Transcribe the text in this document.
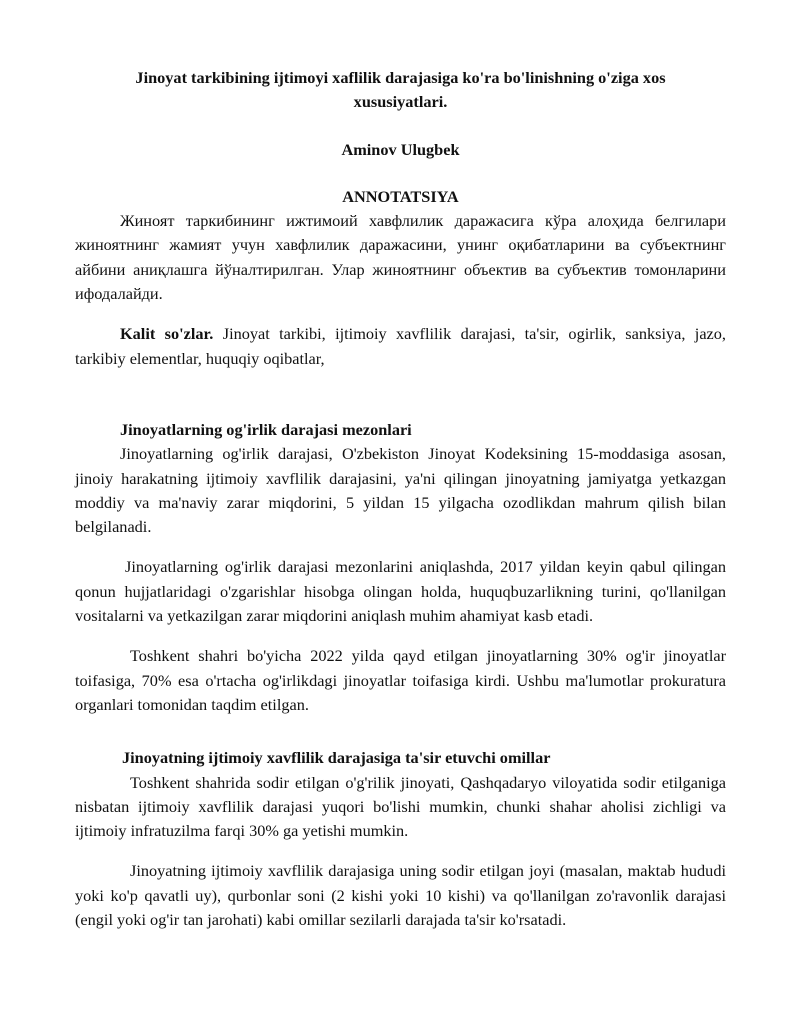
Jinoyat tarkibining ijtimoyi xaflilik darajasiga ko'ra bo'linishning o'ziga xos xususiyatlari.
Aminov Ulugbek
ANNOTATSIYA

Жиноят таркибининг ижтимоий хавфлилик даражасига кўра алоҳида белгилари жиноятнинг жамият учун хавфлилик даражасини, унинг оқибатларини ва субъектнинг айбини аниқлашга йўналтирилган. Улар жиноятнинг объектив ва субъектив томонларини ифодалайди.

Kalit so'zlar. Jinoyat tarkibi, ijtimoiy xavflilik darajasi, ta'sir, ogirlik, sanksiya, jazo, tarkibiy elementlar, huquqiy oqibatlar,

Jinoyatlarning og'irlik darajasi mezonlari

Jinoyatlarning og'irlik darajasi, O'zbekiston Jinoyat Kodeksining 15-moddasiga asosan, jinoiy harakatning ijtimoiy xavflilik darajasini, ya'ni qilingan jinoyatning jamiyatga yetkazgan moddiy va ma'naviy zarar miqdorini, 5 yildan 15 yilgacha ozodlikdan mahrum qilish bilan belgilanadi.

Jinoyatlarning og'irlik darajasi mezonlarini aniqlashda, 2017 yildan keyin qabul qilingan qonun hujjatlaridagi o'zgarishlar hisobga olingan holda, huquqbuzarlikning turini, qo'llanilgan vositalarni va yetkazilgan zarar miqdorini aniqlash muhim ahamiyat kasb etadi.

Toshkent shahri bo'yicha 2022 yilda qayd etilgan jinoyatlarning 30% og'ir jinoyatlar toifasiga, 70% esa o'rtacha og'irlikdagi jinoyatlar toifasiga kirdi. Ushbu ma'lumotlar prokuratura organlari tomonidan taqdim etilgan.

Jinoyatning ijtimoiy xavflilik darajasiga ta'sir etuvchi omillar

Toshkent shahrida sodir etilgan o'g'rilik jinoyati, Qashqadaryo viloyatida sodir etilganiga nisbatan ijtimoiy xavflilik darajasi yuqori bo'lishi mumkin, chunki shahar aholisi zichligi va ijtimoiy infratuzilma farqi 30% ga yetishi mumkin.

Jinoyatning ijtimoiy xavflilik darajasiga uning sodir etilgan joyi (masalan, maktab hududi yoki ko'p qavatli uy), qurbonlar soni (2 kishi yoki 10 kishi) va qo'llanilgan zo'ravonlik darajasi (engil yoki og'ir tan jarohati) kabi omillar sezilarli darajada ta'sir ko'rsatadi.
